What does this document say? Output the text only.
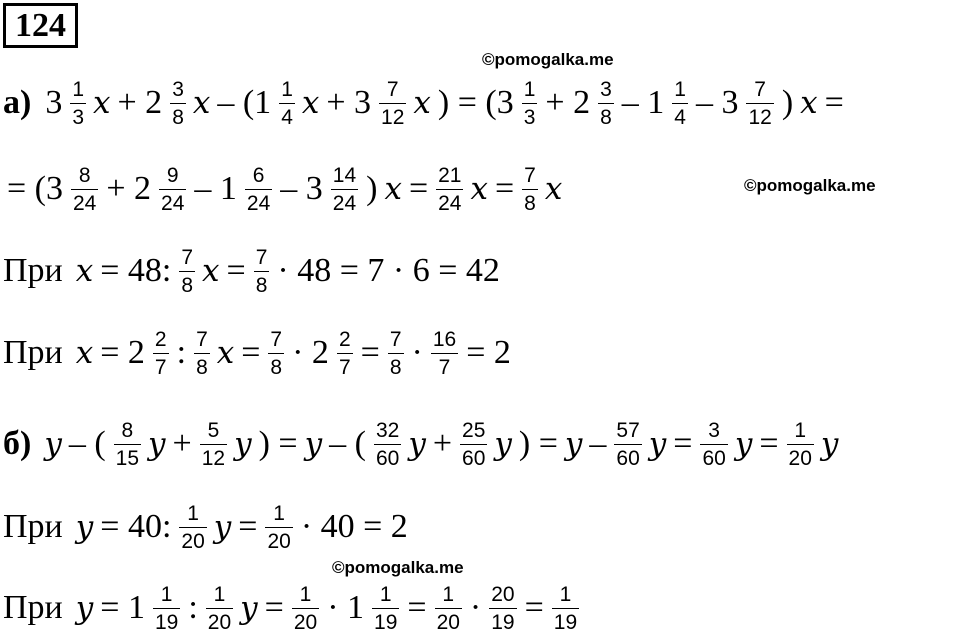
124
©pomogalka.me
©pomogalka.me
©pomogalka.me
а) $3 \frac{1}{3}$ $x + 2 \frac{3}{8}$ x – ($1 \frac{1}{4}$ $x + 3 \frac{7}{12}$ x ) = ($3 \frac{1}{3} + 2 \frac{3}{8} - 1 \frac{1}{4} - 3 \frac{7}{12}$ ) x =
= ($3 \frac{8}{24} + 2 \frac{9}{24} - 1 \frac{6}{24} - 3 \frac{14}{24}$ ) $x = \frac{21}{24}$ $x = \frac{7}{8}$ x
При x = 48: $\frac{7}{8}$ $x = \frac{7}{8} \cdot 48 = 7 \cdot 6 = 42$
При $x = 2 \frac{2}{7}$ : $\frac{7}{8}$ $x = \frac{7}{8} \cdot 2 \frac{2}{7} = \frac{7}{8} \cdot \frac{16}{7} = 2$
б) y – ( $\frac{8}{15}$ $y + \frac{5}{12}$ y ) = y – ( $\frac{32}{60}$ $y + \frac{25}{60}$ y ) = y – $\frac{57}{60}$ $y = \frac{3}{60}$ $y = \frac{1}{20}$ y
При y = 40: $\frac{1}{20}$ $y = \frac{1}{20} \cdot 40 = 2$
При $y = 1 \frac{1}{19}$ : $\frac{1}{20}$ $y = \frac{1}{20} \cdot 1 \frac{1}{19} = \frac{1}{20} \cdot \frac{20}{19} = \frac{1}{19}$
